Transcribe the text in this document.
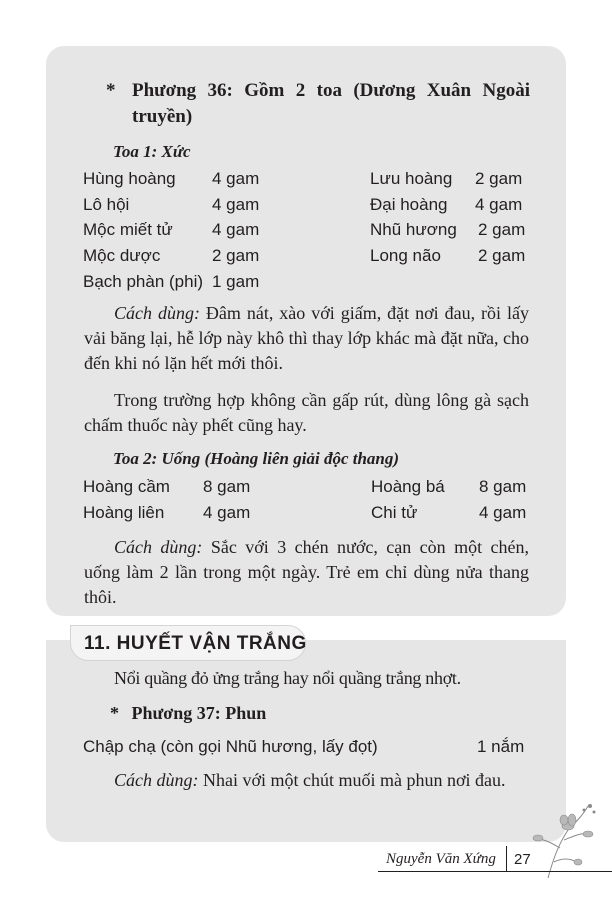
* Phương 36: Gồm 2 toa (Dương Xuân Ngoài truyền)
Toa 1: Xức
Hùng hoàng 4 gam	Lưu hoàng 2 gam
Lô hội	4 gam	Đại hoàng 4 gam
Mộc miết tử 4 gam	Nhũ hương 2 gam
Mộc dược	2 gam	Long não 2 gam
Bạch phàn (phi) 1 gam

Cách dùng: Đâm nát, xào với giấm, đặt nơi đau, rồi lấy vải băng lại, hễ lớp này khô thì thay lớp khác mà đặt nữa, cho đến khi nó lặn hết mới thôi.

Trong trường hợp không cần gấp rút, dùng lông gà sạch chấm thuốc này phết cũng hay.

Toa 2: Uống (Hoàng liên giải độc thang)
Hoàng cầm 8 gam	Hoàng bá 8 gam
Hoàng liên 4 gam	Chi tử	4 gam

Cách dùng: Sắc với 3 chén nước, cạn còn một chén, uống làm 2 lần trong một ngày. Trẻ em chỉ dùng nửa thang thôi.

11. HUYẾT VẬN TRẮNG

Nổi quầng đỏ ửng trắng hay nổi quầng trắng nhợt.

* Phương 37: Phun
Chập chạ (còn gọi Nhũ hương, lấy đọt)	1 nắm

Cách dùng: Nhai với một chút muối mà phun nơi đau.

Nguyễn Văn Xứng 27
